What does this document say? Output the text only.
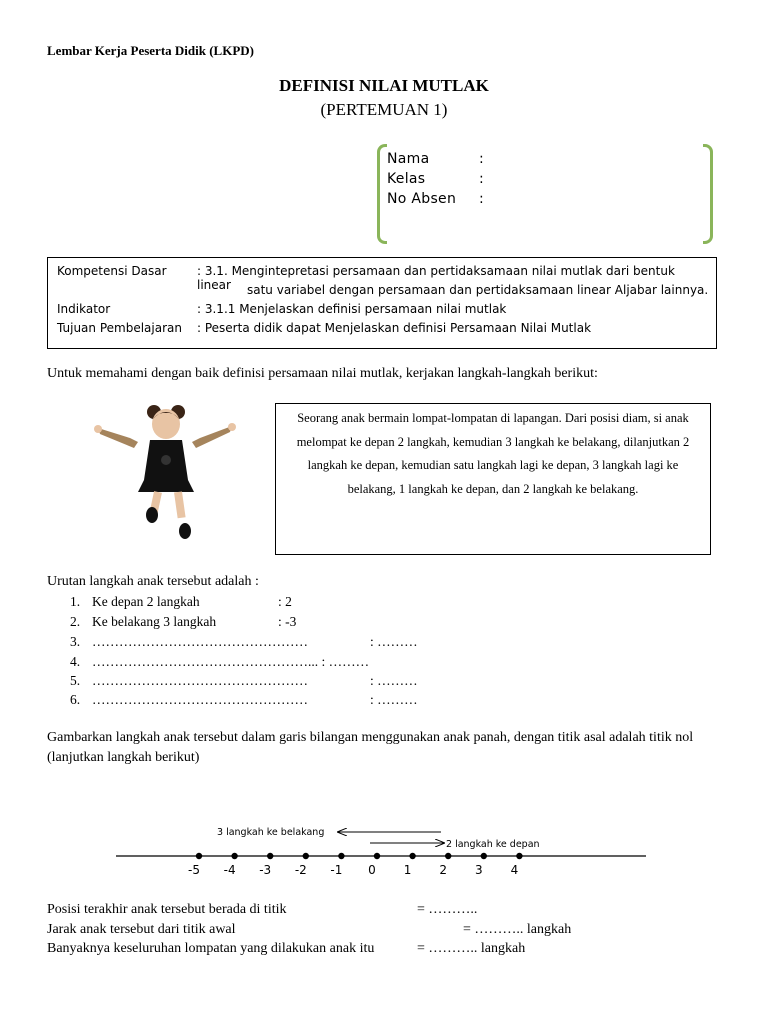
Lembar Kerja Peserta Didik (LKPD)
DEFINISI NILAI MUTLAK
(PERTEMUAN 1)
Nama	:
Kelas	:
No Absen :
Kompetensi Dasar	: 3.1. Mengintepretasi persamaan dan pertidaksamaan nilai mutlak dari bentuk linear	satu variabel dengan persamaan dan pertidaksamaan linear Aljabar lainnya.
Indikator	: 3.1.1 Menjelaskan definisi persamaan nilai mutlak
Tujuan Pembelajaran	: Peserta didik dapat Menjelaskan definisi Persamaan Nilai Mutlak
Untuk memahami dengan baik definisi persamaan nilai mutlak, kerjakan langkah-langkah berikut:
Seorang anak bermain lompat-lompatan di lapangan. Dari posisi diam, si anak melompat ke depan 2 langkah, kemudian 3 langkah ke belakang, dilanjutkan 2 langkah ke depan, kemudian satu langkah lagi ke depan, 3 langkah lagi ke belakang, 1 langkah ke depan, dan 2 langkah ke belakang.
Urutan langkah anak tersebut adalah :
1. Ke depan 2 langkah	: 2
2. Ke belakang 3 langkah	: -3
3. …………………………………………	: ………
4. …………………………………………... : ………
5. …………………………………………	: ………
6. …………………………………………	: ………
Gambarkan langkah anak tersebut dalam garis bilangan menggunakan anak panah, dengan titik asal adalah titik nol (lanjutkan langkah berikut)
-5 -4 -3 -2 -1 0 1 2 3 4
3 langkah ke belakang
2 langkah ke depan
Posisi terakhir anak tersebut berada di titik	= ………..
Jarak anak tersebut dari titik awal	= ……….. langkah
Banyaknya keseluruhan lompatan yang dilakukan anak itu	= ……….. langkah
